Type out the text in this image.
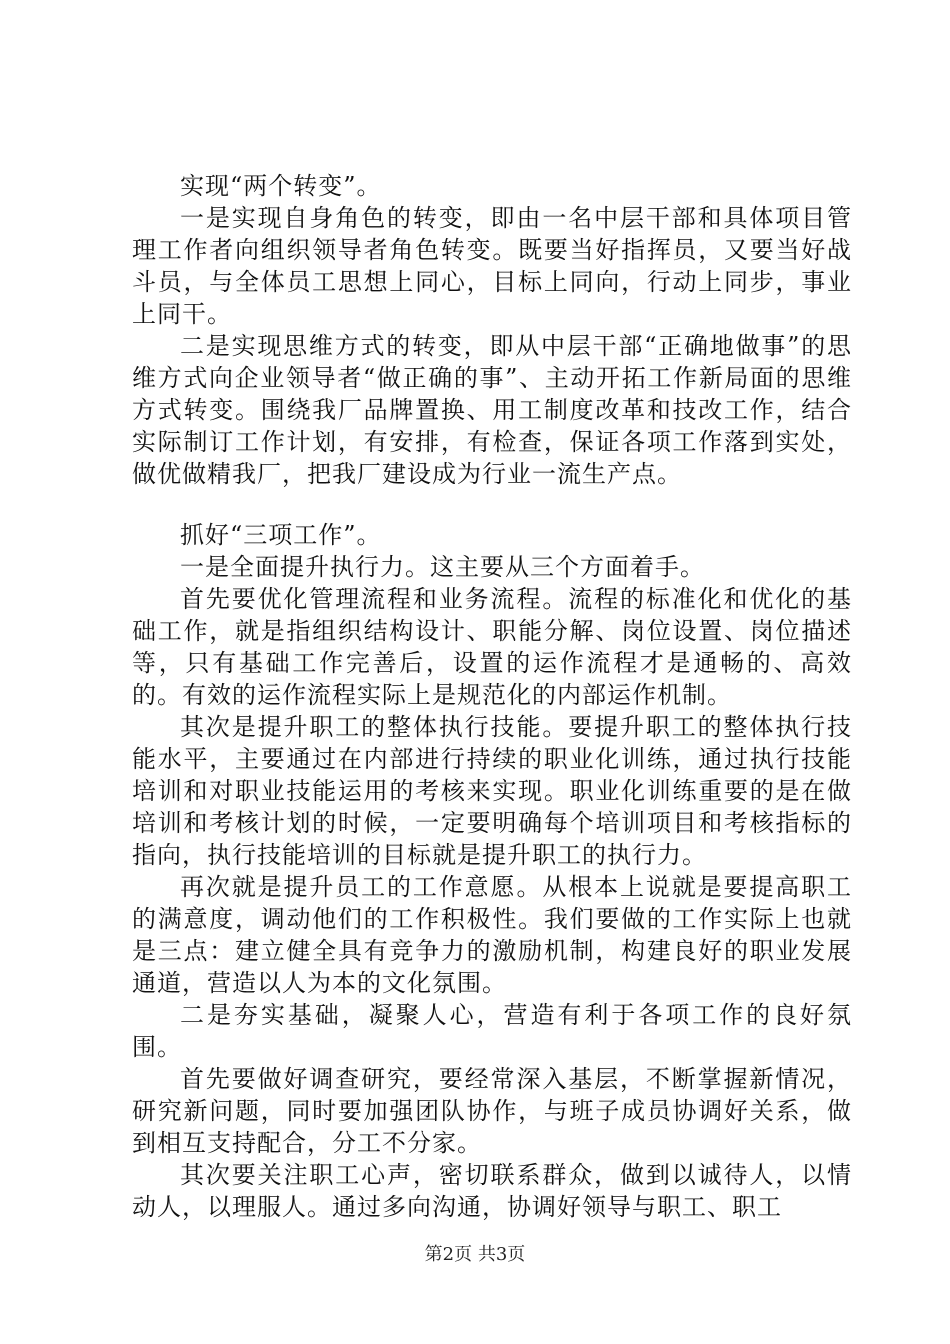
实现“两个转变”。

一是实现自身角色的转变，即由一名中层干部和具体项目管理工作者向组织领导者角色转变。既要当好指挥员，又要当好战斗员，与全体员工思想上同心，目标上同向，行动上同步，事业上同干。

二是实现思维方式的转变，即从中层干部“正确地做事”的思维方式向企业领导者“做正确的事”、主动开拓工作新局面的思维方式转变。围绕我厂品牌置换、用工制度改革和技改工作，结合实际制订工作计划，有安排，有检查，保证各项工作落到实处，做优做精我厂，把我厂建设成为行业一流生产点。

抓好“三项工作”。

一是全面提升执行力。这主要从三个方面着手。

首先要优化管理流程和业务流程。流程的标准化和优化的基础工作，就是指组织结构设计、职能分解、岗位设置、岗位描述等，只有基础工作完善后，设置的运作流程才是通畅的、高效的。有效的运作流程实际上是规范化的内部运作机制。

其次是提升职工的整体执行技能。要提升职工的整体执行技能水平，主要通过在内部进行持续的职业化训练，通过执行技能培训和对职业技能运用的考核来实现。职业化训练重要的是在做培训和考核计划的时候，一定要明确每个培训项目和考核指标的指向，执行技能培训的目标就是提升职工的执行力。

再次就是提升员工的工作意愿。从根本上说就是要提高职工的满意度，调动他们的工作积极性。我们要做的工作实际上也就是三点：建立健全具有竞争力的激励机制，构建良好的职业发展通道，营造以人为本的文化氛围。

二是夯实基础，凝聚人心，营造有利于各项工作的良好氛围。

首先要做好调查研究，要经常深入基层，不断掌握新情况，研究新问题，同时要加强团队协作，与班子成员协调好关系，做到相互支持配合，分工不分家。

其次要关注职工心声，密切联系群众，做到以诚待人，以情动人，以理服人。通过多向沟通，协调好领导与职工、职工

第2页 共3页
